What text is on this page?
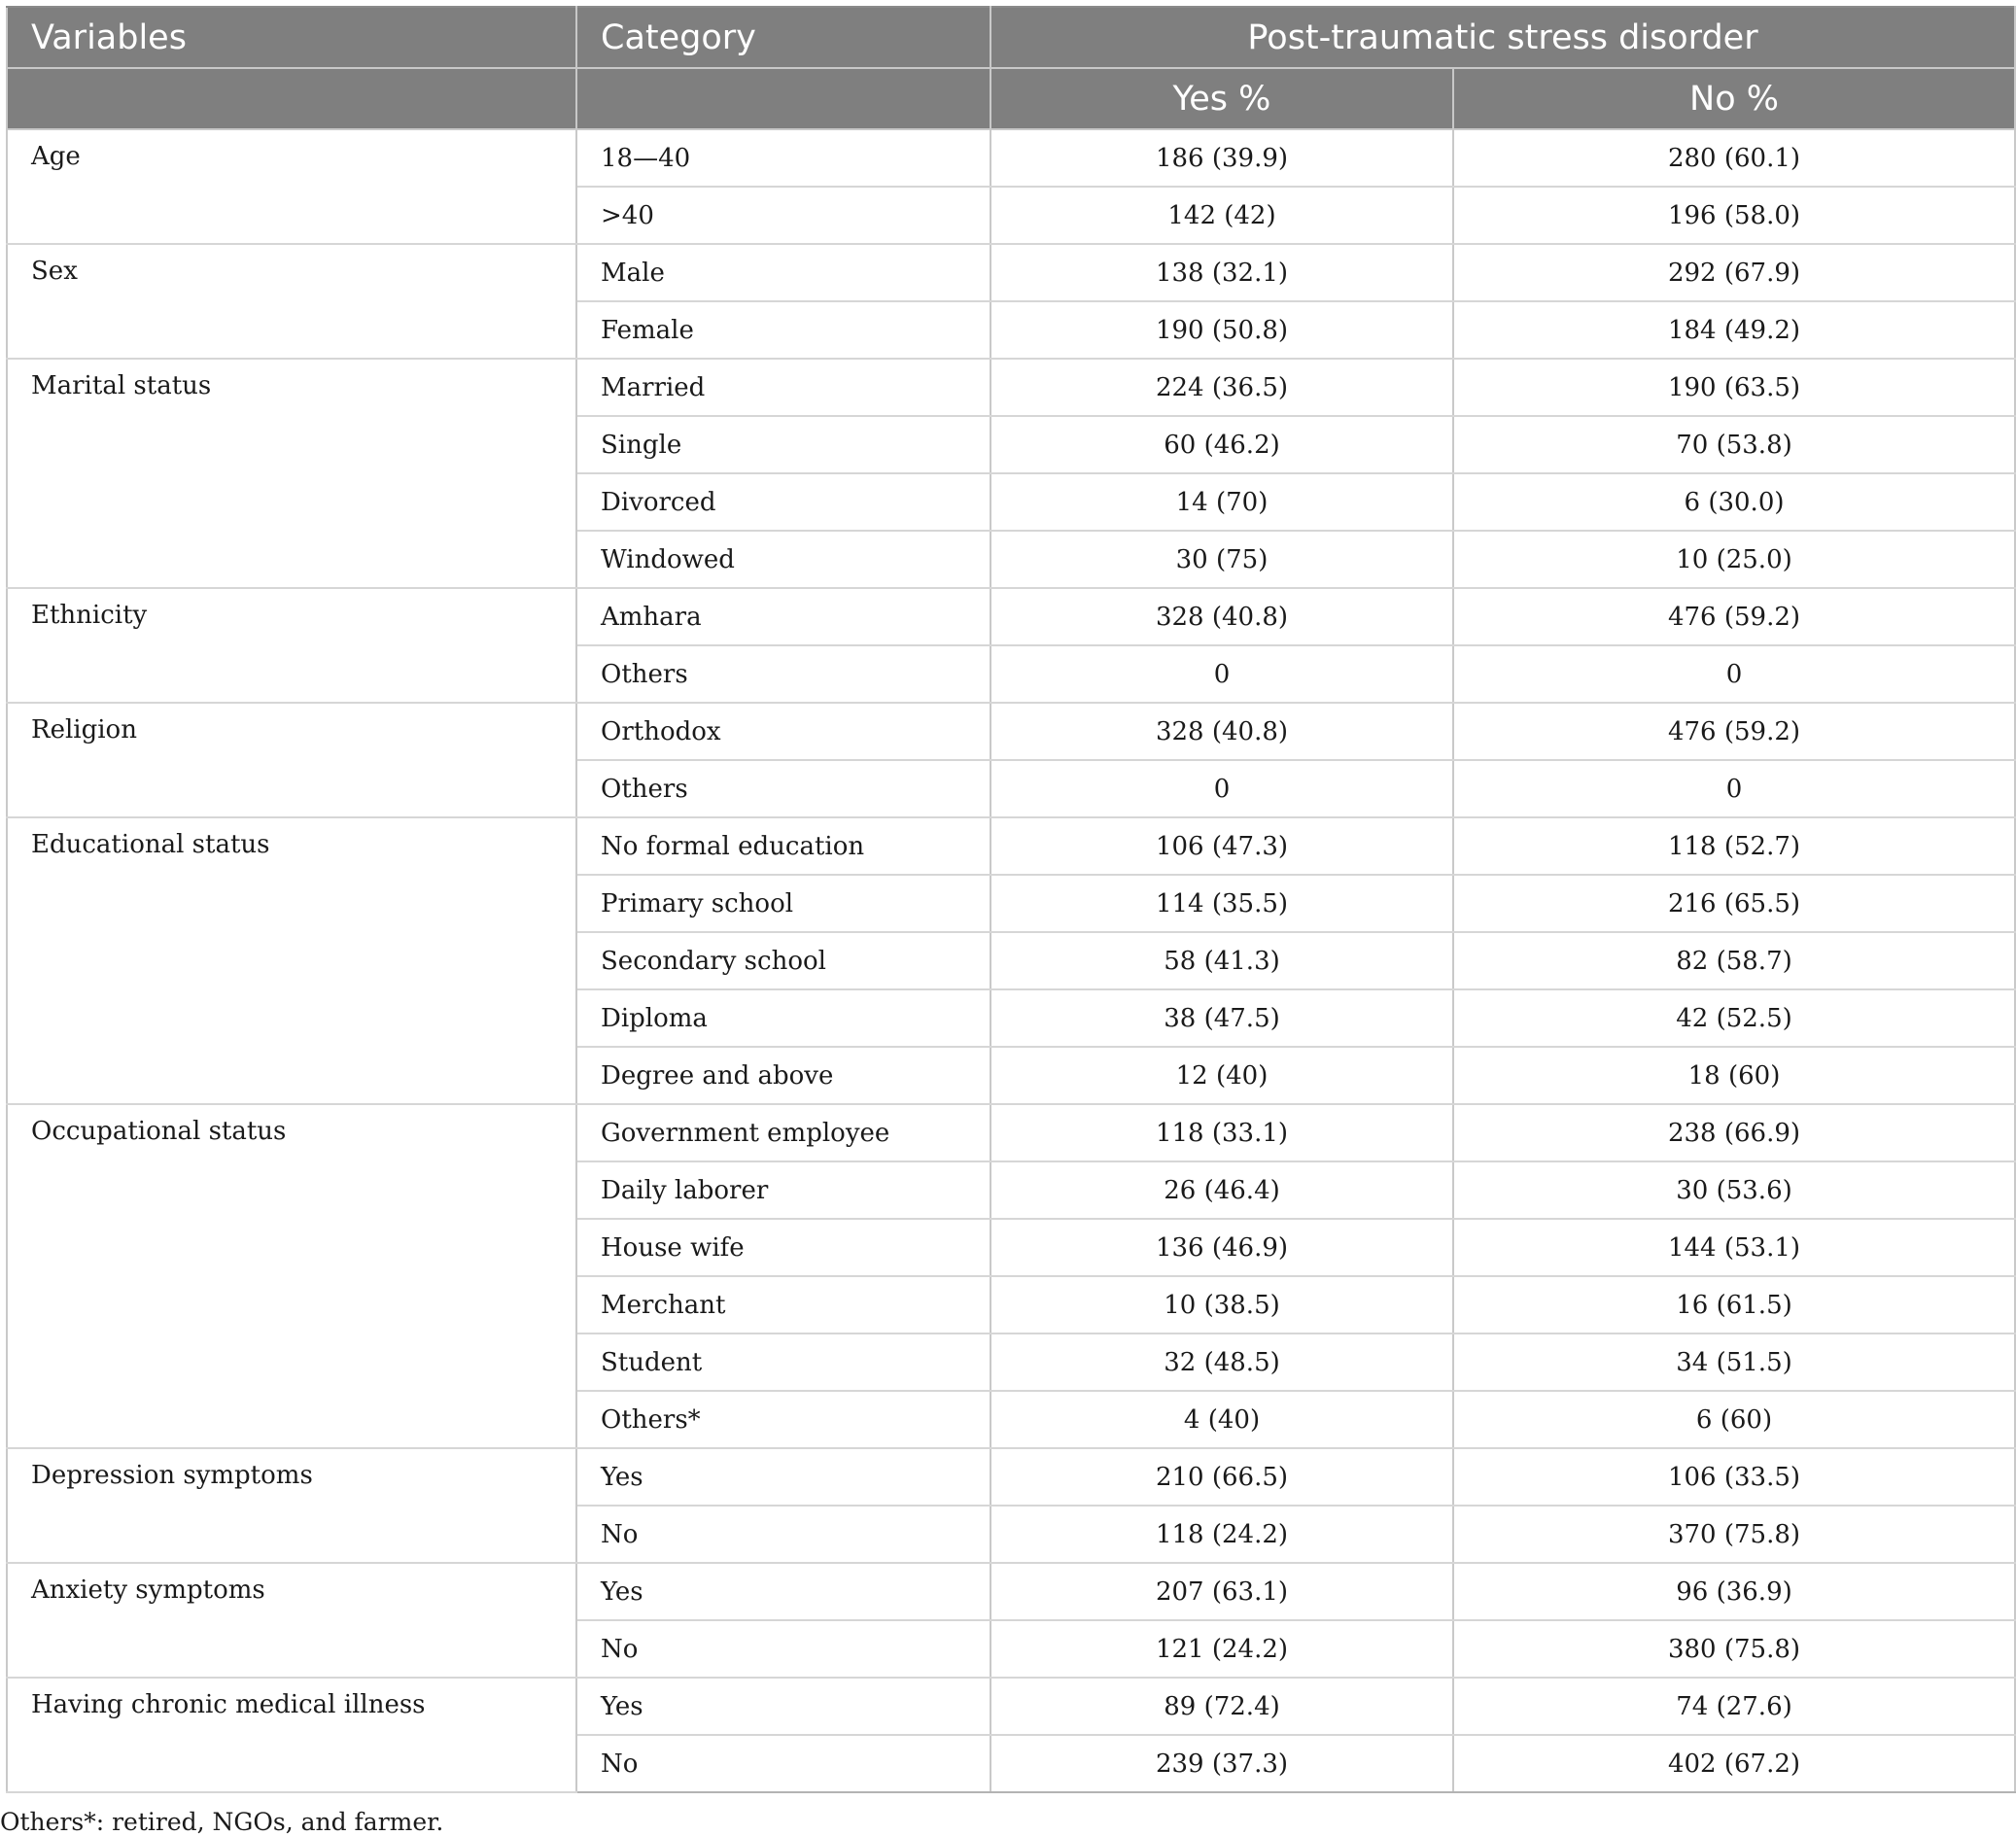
Variables	Category	Post-traumatic stress disorder	
		Yes %	No %
Age	18—40	186 (39.9)	280 (60.1)
	>40	142 (42)	196 (58.0)
Sex	Male	138 (32.1)	292 (67.9)
	Female	190 (50.8)	184 (49.2)
Marital status	Married	224 (36.5)	190 (63.5)
	Single	60 (46.2)	70 (53.8)
	Divorced	14 (70)	6 (30.0)
	Windowed	30 (75)	10 (25.0)
Ethnicity	Amhara	328 (40.8)	476 (59.2)
	Others	0	0
Religion	Orthodox	328 (40.8)	476 (59.2)
	Others	0	0
Educational status	No formal education	106 (47.3)	118 (52.7)
	Primary school	114 (35.5)	216 (65.5)
	Secondary school	58 (41.3)	82 (58.7)
	Diploma	38 (47.5)	42 (52.5)
	Degree and above	12 (40)	18 (60)
Occupational status	Government employee	118 (33.1)	238 (66.9)
	Daily laborer	26 (46.4)	30 (53.6)
	House wife	136 (46.9)	144 (53.1)
	Merchant	10 (38.5)	16 (61.5)
	Student	32 (48.5)	34 (51.5)
	Others*	4 (40)	6 (60)
Depression symptoms	Yes	210 (66.5)	106 (33.5)
	No	118 (24.2)	370 (75.8)
Anxiety symptoms	Yes	207 (63.1)	96 (36.9)
	No	121 (24.2)	380 (75.8)
Having chronic medical illness	Yes	89 (72.4)	74 (27.6)
	No	239 (37.3)	402 (67.2)
Others*: retired, NGOs, and farmer.
